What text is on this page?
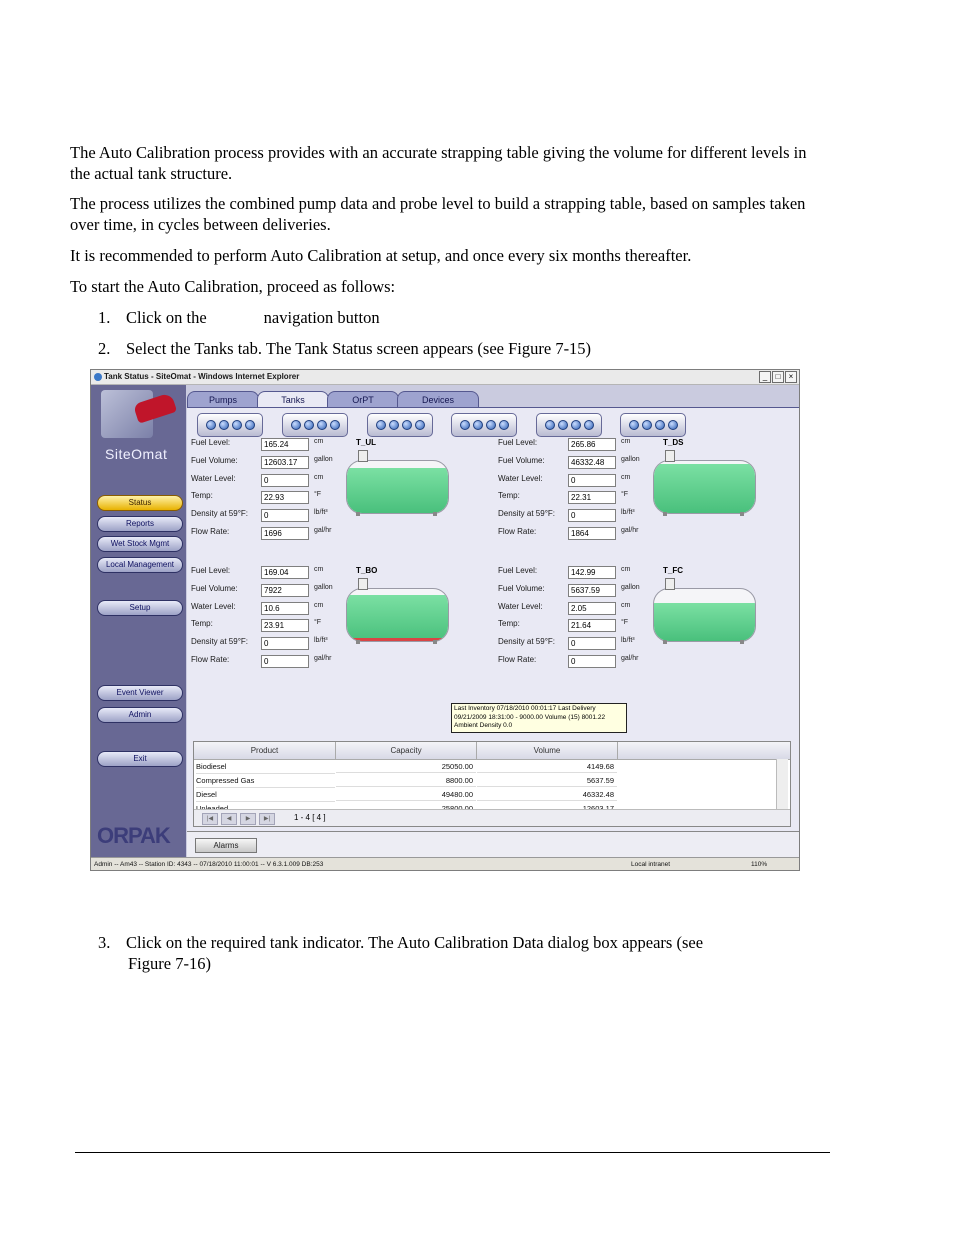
The Auto Calibration process provides with an accurate strapping table giving the volume for different levels in the actual tank structure.

The process utilizes the combined pump data and probe level to build a strapping table, based on samples taken over time, in cycles between deliveries.

It is recommended to perform Auto Calibration at setup, and once every six months thereafter.

To start the Auto Calibration, proceed as follows:

1. Click on the	navigation button
2. Select the Tanks tab. The Tank Status screen appears (see Figure 7-15)
Tank Status - SiteOmat - Windows Internet Explorer	_	□	×
SiteOmat
Status
Reports
Wet Stock Mgmt
Local Management
Setup
Event Viewer
Admin
Exit
ORPAK
Pumps	Tanks	OrPT	Devices
Fuel Level:	165.24	cm
Fuel Volume:	12603.17	gallon
Water Level:	0	cm
Temp:	22.93	°F
Density at 59°F:	0	lb/ft³
Flow Rate:	1696	gal/hr
T_UL	Fuel Level:	265.86	cm
Fuel Volume:	46332.48	gallon
Water Level:	0	cm
Temp:	22.31	°F
Density at 59°F:	0	lb/ft³
Flow Rate:	1864	gal/hr
T_DS
Fuel Level:	169.04	cm
Fuel Volume:	7922	gallon
Water Level:	10.6	cm
Temp:	23.91	°F
Density at 59°F:	0	lb/ft³
Flow Rate:	0	gal/hr
T_BO	Fuel Level:	142.99	cm
Fuel Volume:	5637.59	gallon
Water Level:	2.05	cm
Temp:	21.64	°F
Density at 59°F:	0	lb/ft³
Flow Rate:	0	gal/hr
T_FC
Last Inventory 07/18/2010 00:01:17 Last Delivery
09/21/2009 18:31:00 - 9000.00 Volume (15) 8001.22
Ambient Density 0.0
Product	Capacity	Volume
Biodiesel	25050.00	4149.68
Compressed Gas	8800.00	5637.59
Diesel	49480.00	46332.48
|◀	◀	▶	▶|	1 - 4 [ 4 ]
Alarms
Admin -- Am43 -- Station ID: 4343 -- 07/18/2010 11:00:01 -- V 6.3.1.009 DB:253	Local intranet	110%
3. Click on the required tank indicator. The Auto Calibration Data dialog box appears (see
Figure 7-16)
